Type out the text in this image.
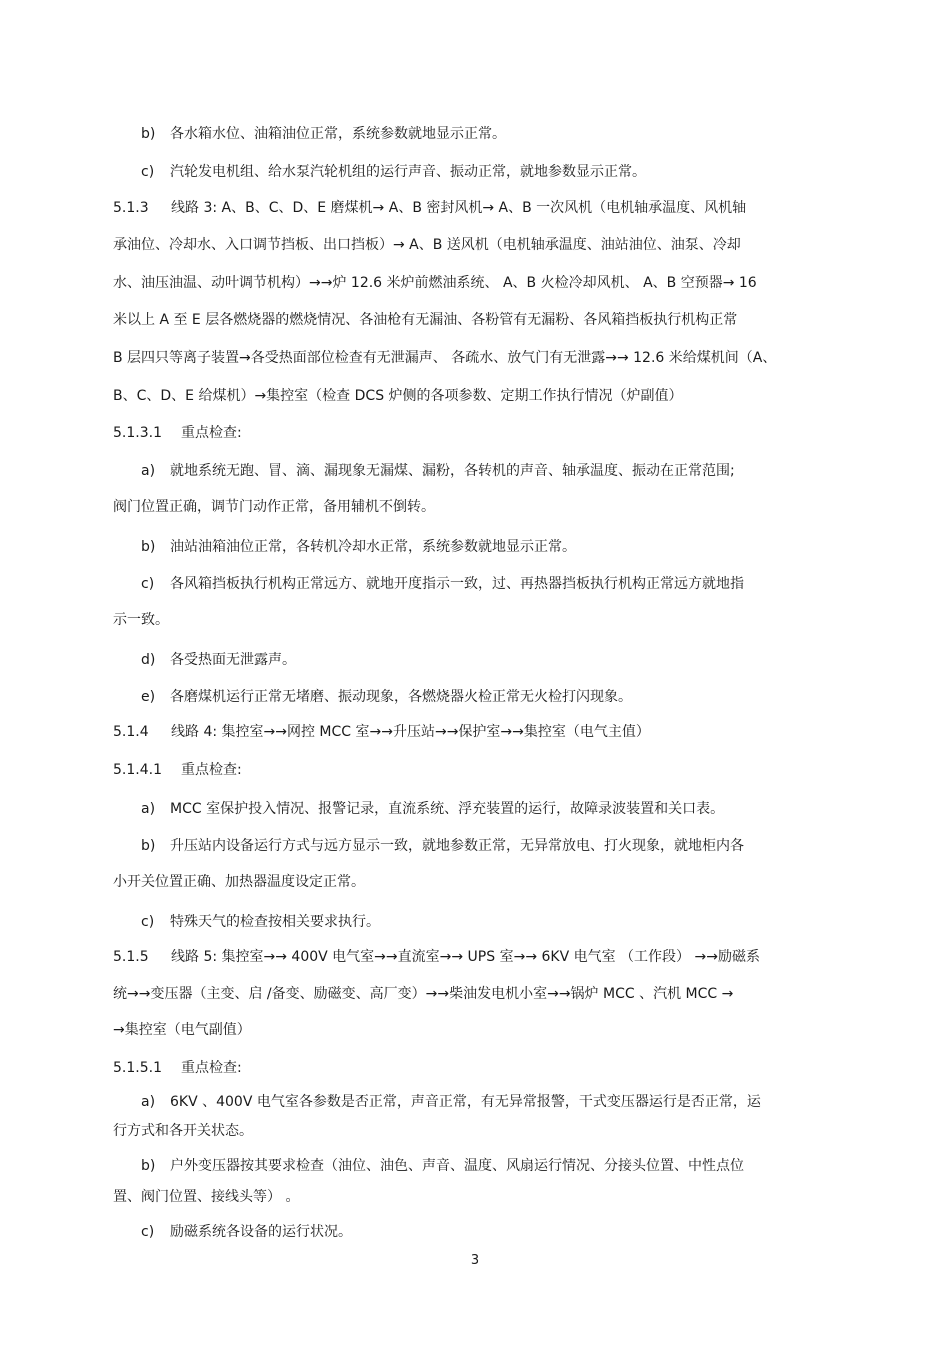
b) 各水箱水位、油箱油位正常，系统参数就地显示正常。
c) 汽轮发电机组、给水泵汽轮机组的运行声音、振动正常，就地参数显示正常。
5.1.3 线路 3: A、B、C、D、E 磨煤机→ A、B 密封风机→ A、B 一次风机（电机轴承温度、风机轴
承油位、冷却水、入口调节挡板、出口挡板）→ A、B 送风机（电机轴承温度、油站油位、油泵、冷却
水、油压油温、动叶调节机构）→→炉 12.6 米炉前燃油系统、 A、B 火检冷却风机、 A、B 空预器→ 16
米以上 A 至 E 层各燃烧器的燃烧情况、各油枪有无漏油、各粉管有无漏粉、各风箱挡板执行机构正常
B 层四只等离子装置→各受热面部位检查有无泄漏声、 各疏水、放气门有无泄露→→ 12.6 米给煤机间（A、
B、C、D、E 给煤机）→集控室（检查 DCS 炉侧的各项参数、定期工作执行情况（炉副值）
5.1.3.1 重点检查:
a) 就地系统无跑、冒、滴、漏现象无漏煤、漏粉，各转机的声音、轴承温度、振动在正常范围;
阀门位置正确，调节门动作正常，备用辅机不倒转。
b) 油站油箱油位正常，各转机冷却水正常，系统参数就地显示正常。
c) 各风箱挡板执行机构正常远方、就地开度指示一致，过、再热器挡板执行机构正常远方就地指
示一致。
d) 各受热面无泄露声。
e) 各磨煤机运行正常无堵磨、振动现象，各燃烧器火检正常无火检打闪现象。
5.1.4 线路 4: 集控室→→网控 MCC 室→→升压站→→保护室→→集控室（电气主值）
5.1.4.1 重点检查:
a) MCC 室保护投入情况、报警记录，直流系统、浮充装置的运行，故障录波装置和关口表。
b) 升压站内设备运行方式与远方显示一致，就地参数正常，无异常放电、打火现象，就地柜内各
小开关位置正确、加热器温度设定正常。
c) 特殊天气的检查按相关要求执行。
5.1.5 线路 5: 集控室→→ 400V 电气室→→直流室→→ UPS 室→→ 6KV 电气室 （工作段） →→励磁系
统→→变压器（主变、启 /备变、励磁变、高厂变）→→柴油发电机小室→→锅炉 MCC 、汽机 MCC →
→集控室（电气副值）
5.1.5.1 重点检查:
a) 6KV 、400V 电气室各参数是否正常，声音正常，有无异常报警，干式变压器运行是否正常，运
行方式和各开关状态。
b) 户外变压器按其要求检查（油位、油色、声音、温度、风扇运行情况、分接头位置、中性点位
置、阀门位置、接线头等） 。
c) 励磁系统各设备的运行状况。
3
